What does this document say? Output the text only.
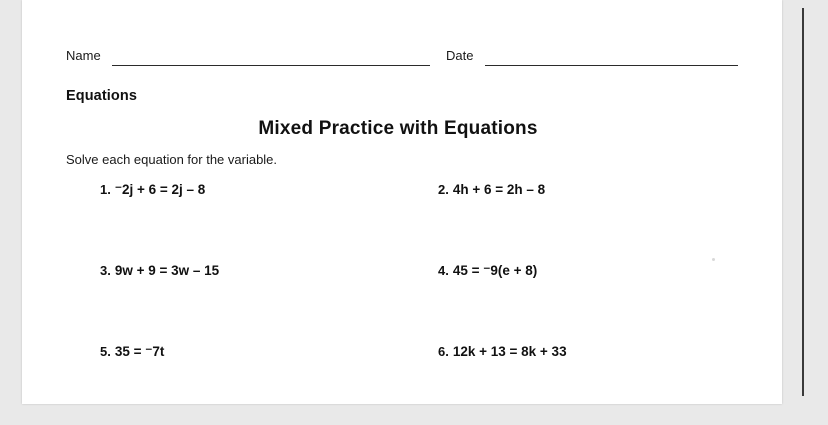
Name	Date
Equations
Mixed Practice with Equations
Solve each equation for the variable.
1. ⁻2j + 6 = 2j – 8	2. 4h + 6 = 2h – 8
3. 9w + 9 = 3w – 15	4. 45 = ⁻9(e + 8)
5. 35 = ⁻7t	6. 12k + 13 = 8k + 33
